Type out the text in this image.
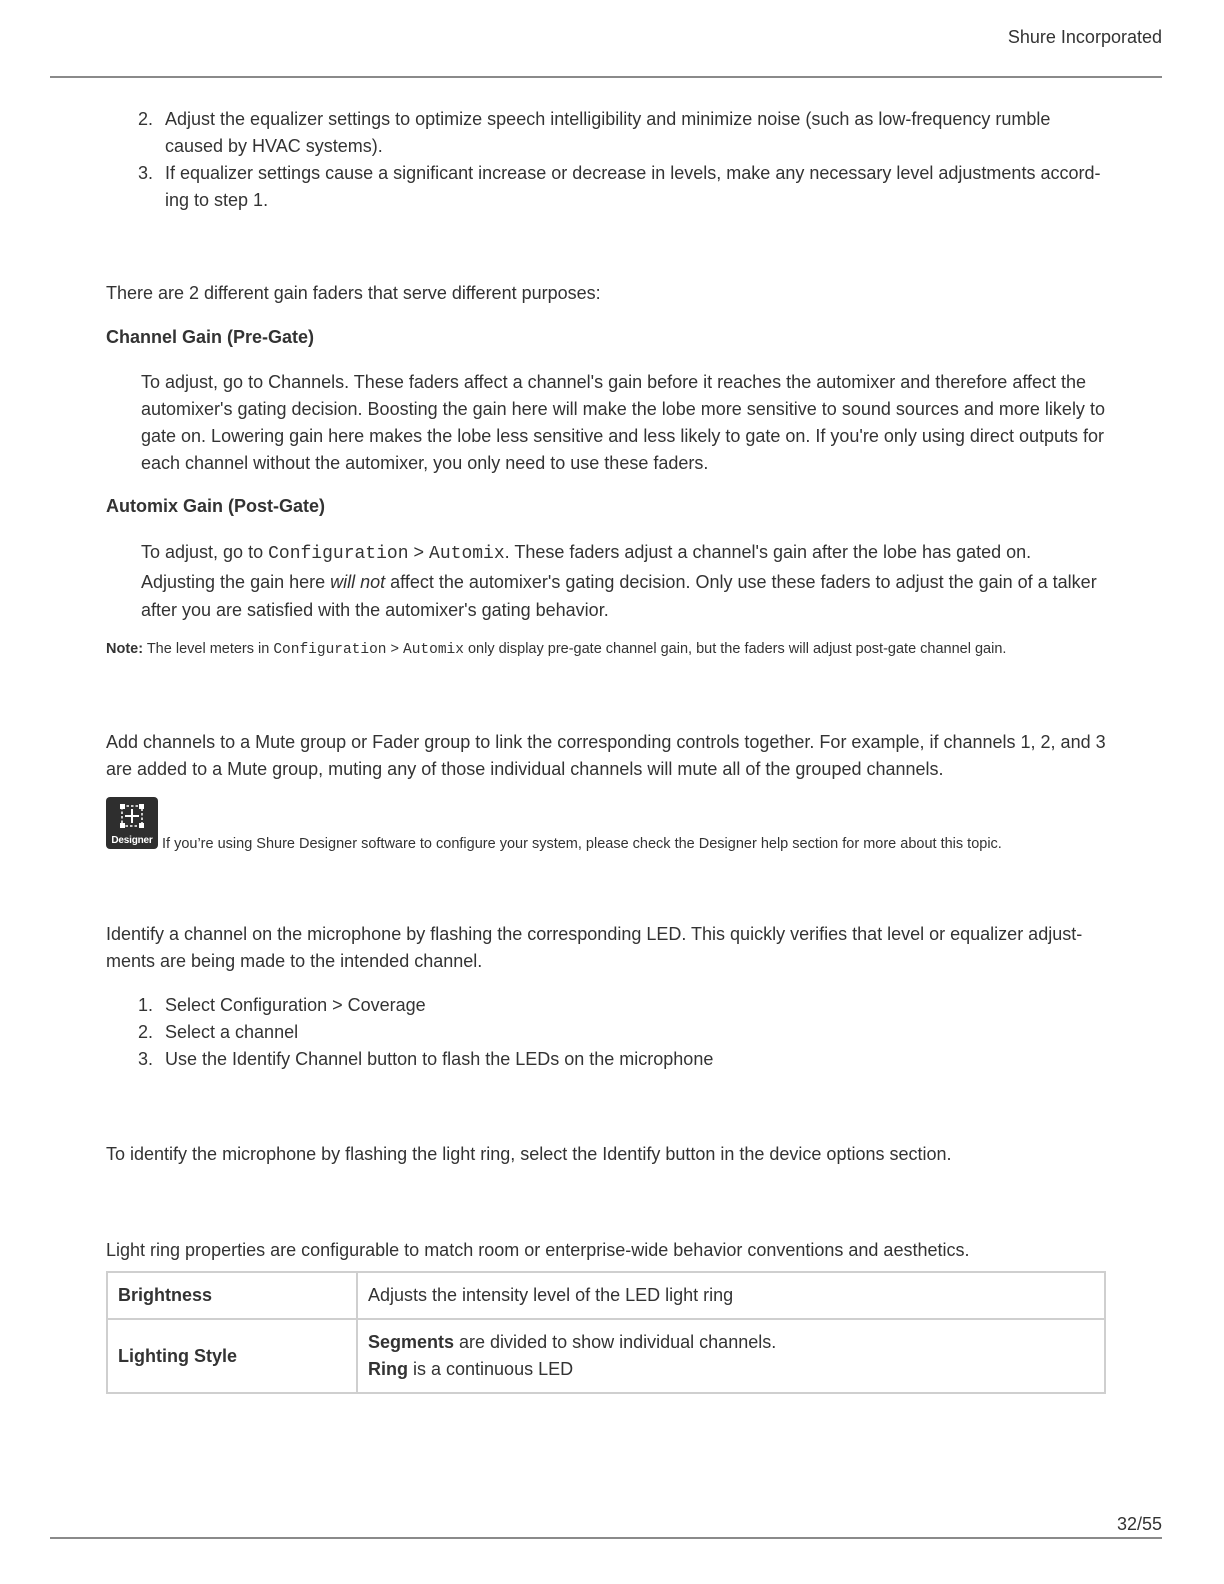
Shure Incorporated
2. Adjust the equalizer settings to optimize speech intelligibility and minimize noise (such as low-frequency rumble caused by HVAC systems).
3. If equalizer settings cause a significant increase or decrease in levels, make any necessary level adjustments accord-ing to step 1.
There are 2 different gain faders that serve different purposes:
Channel Gain (Pre-Gate)
To adjust, go to Channels. These faders affect a channel's gain before it reaches the automixer and therefore affect the automixer's gating decision. Boosting the gain here will make the lobe more sensitive to sound sources and more likely to gate on. Lowering gain here makes the lobe less sensitive and less likely to gate on. If you're only using direct outputs for each channel without the automixer, you only need to use these faders.
Automix Gain (Post-Gate)
To adjust, go to Configuration > Automix. These faders adjust a channel's gain after the lobe has gated on. Adjusting the gain here will not affect the automixer's gating decision. Only use these faders to adjust the gain of a talker after you are satisfied with the automixer's gating behavior.
Note: The level meters in Configuration > Automix only display pre-gate channel gain, but the faders will adjust post-gate channel gain.
Add channels to a Mute group or Fader group to link the corresponding controls together. For example, if channels 1, 2, and 3 are added to a Mute group, muting any of those individual channels will mute all of the grouped channels.
Designer If you’re using Shure Designer software to configure your system, please check the Designer help section for more about this topic.
Identify a channel on the microphone by flashing the corresponding LED. This quickly verifies that level or equalizer adjust-ments are being made to the intended channel.
1. Select Configuration > Coverage
2. Select a channel
3. Use the Identify Channel button to flash the LEDs on the microphone
To identify the microphone by flashing the light ring, select the Identify button in the device options section.
Light ring properties are configurable to match room or enterprise-wide behavior conventions and aesthetics.
Brightness	Adjusts the intensity level of the LED light ring
Lighting Style	Segments are divided to show individual channels.
Ring is a continuous LED
32/55
